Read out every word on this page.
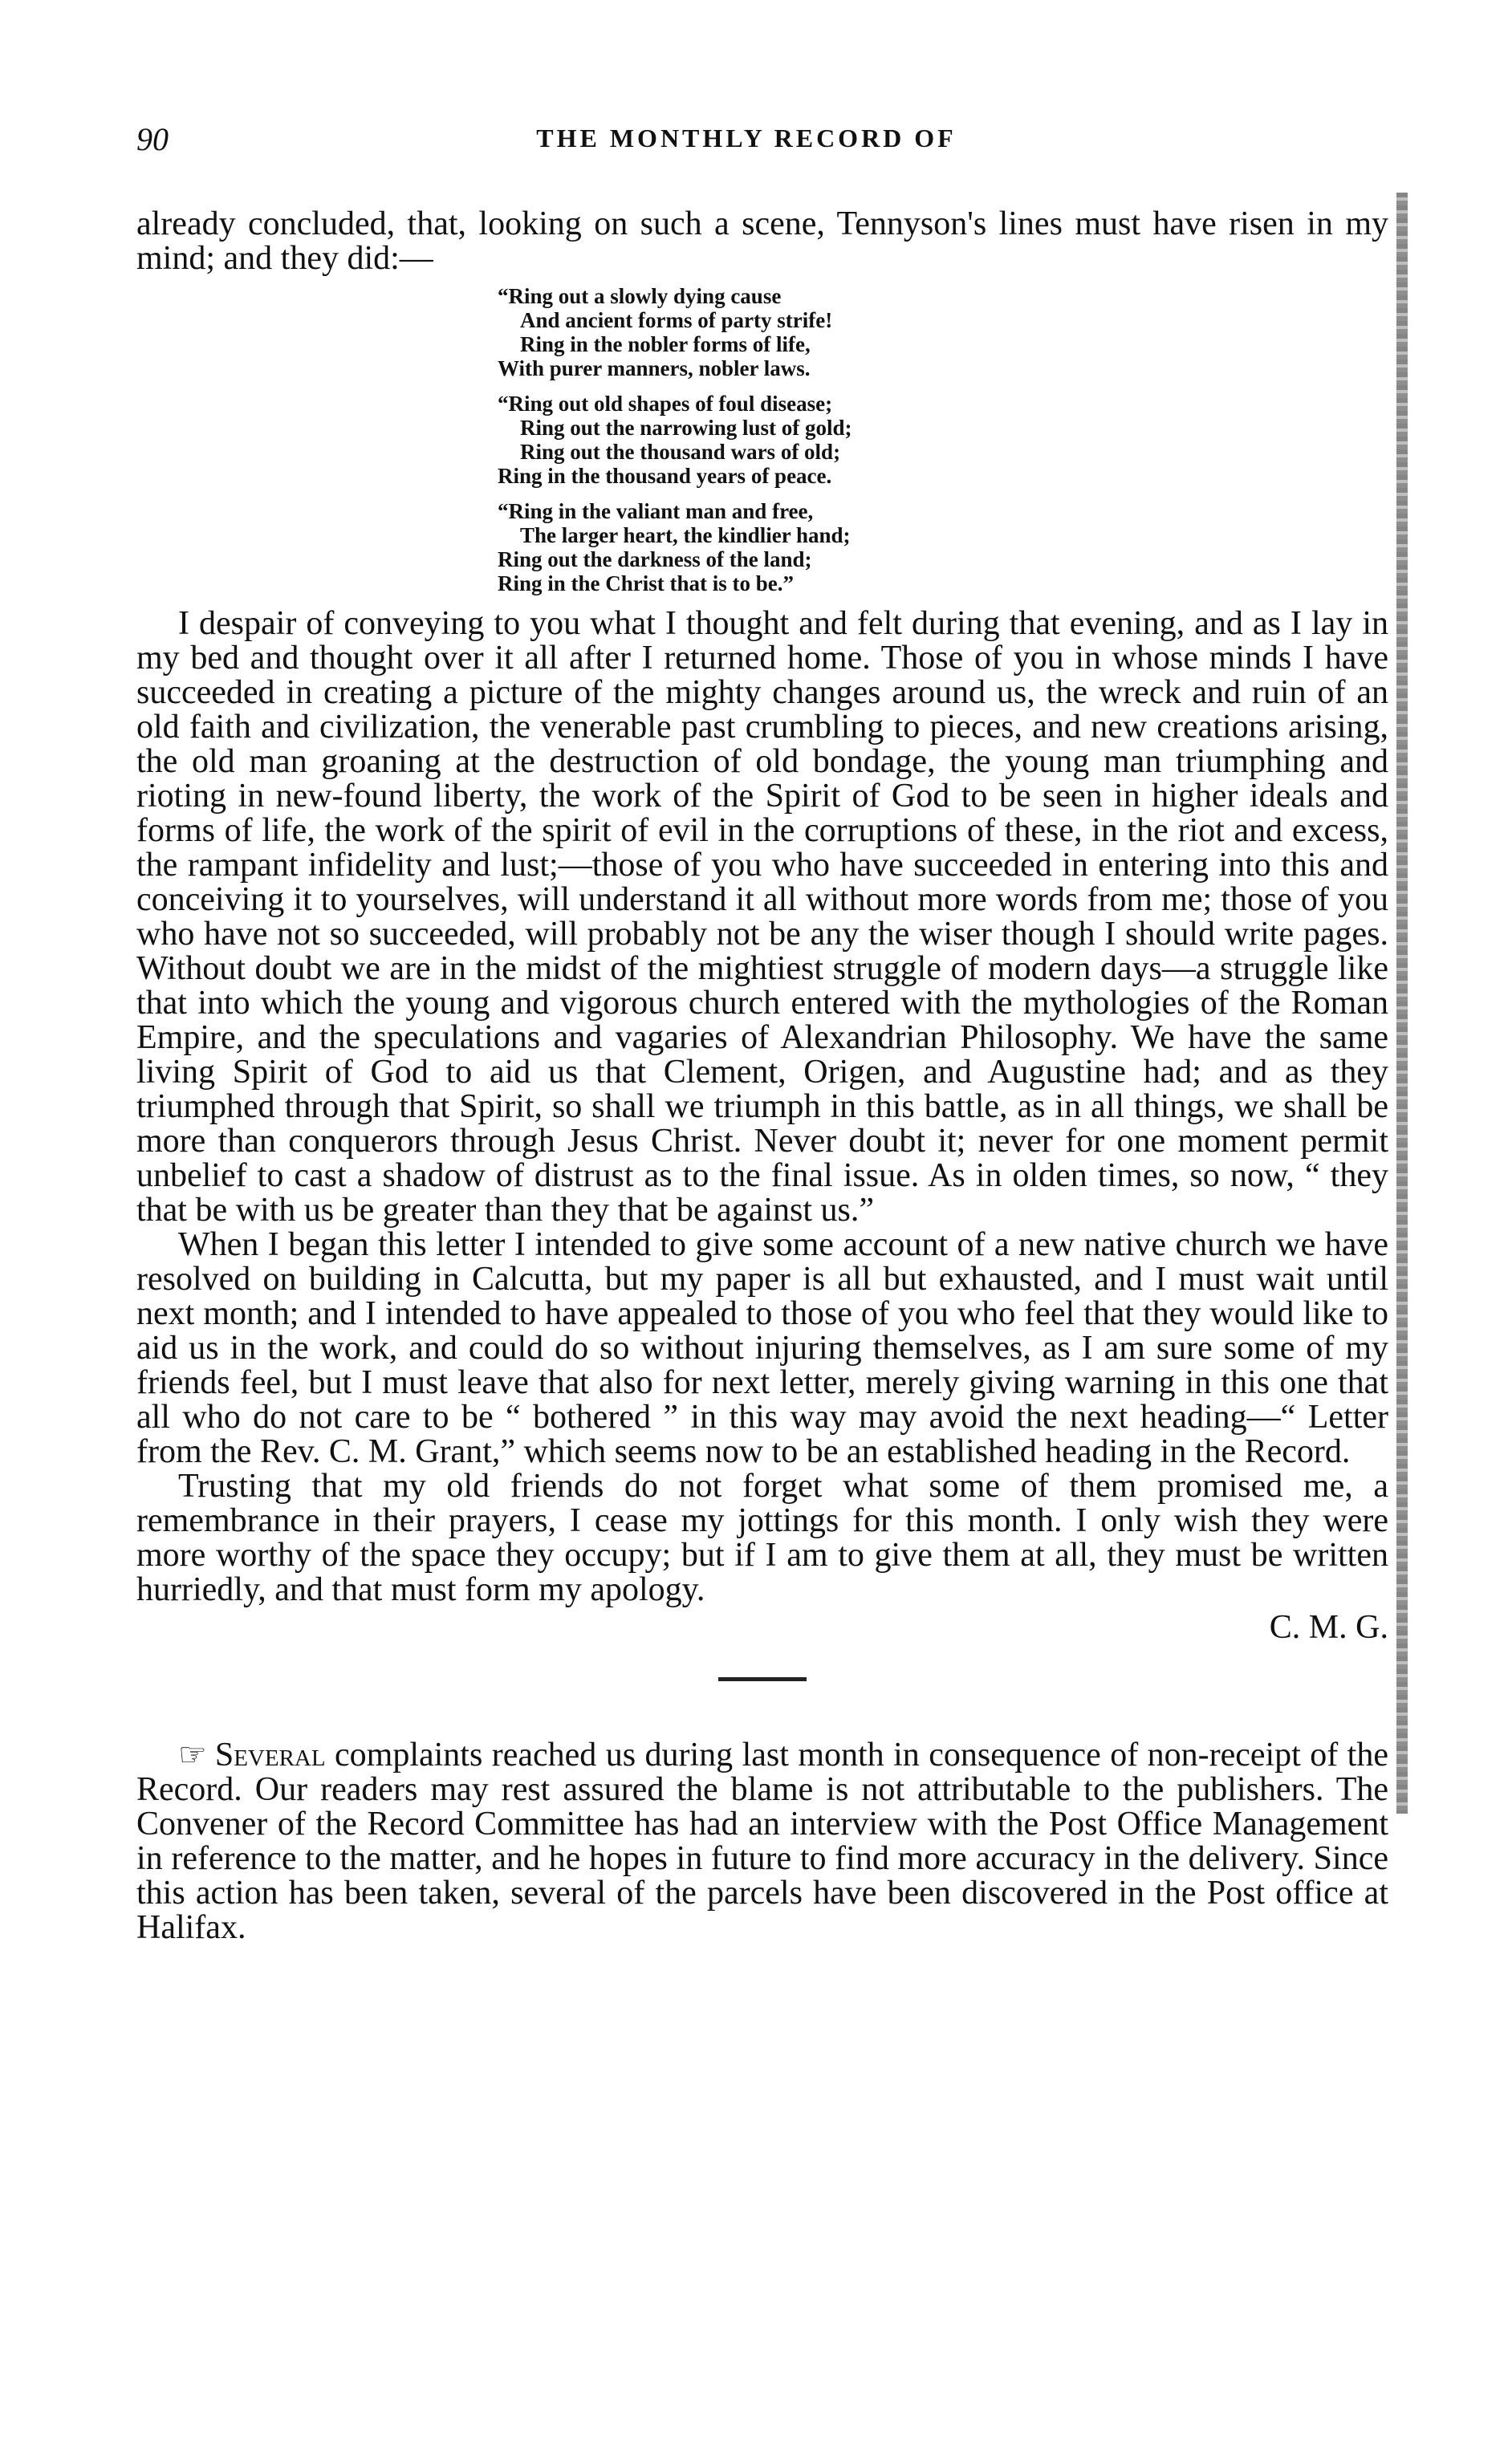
90	THE MONTHLY RECORD OF

already concluded, that, looking on such a scene, Tennyson's lines must have risen in my mind; and they did:—

“Ring out a slowly dying cause
And ancient forms of party strife!
Ring in the nobler forms of life,
With purer manners, nobler laws.
“Ring out old shapes of foul disease;
Ring out the narrowing lust of gold;
Ring out the thousand wars of old;
Ring in the thousand years of peace.
“Ring in the valiant man and free,
The larger heart, the kindlier hand;
Ring out the darkness of the land;
Ring in the Christ that is to be.”

I despair of conveying to you what I thought and felt during that evening, and as I lay in my bed and thought over it all after I returned home. Those of you in whose minds I have succeeded in creating a picture of the mighty changes around us, the wreck and ruin of an old faith and civilization, the venerable past crumbling to pieces, and new creations arising, the old man groaning at the destruction of old bondage, the young man triumphing and rioting in new-found liberty, the work of the Spirit of God to be seen in higher ideals and forms of life, the work of the spirit of evil in the corruptions of these, in the riot and excess, the rampant infidelity and lust;—those of you who have succeeded in entering into this and conceiving it to yourselves, will understand it all without more words from me; those of you who have not so succeeded, will probably not be any the wiser though I should write pages. Without doubt we are in the midst of the mightiest struggle of modern days—a struggle like that into which the young and vigorous church entered with the mythologies of the Roman Empire, and the speculations and vagaries of Alexandrian Philosophy. We have the same living Spirit of God to aid us that Clement, Origen, and Augustine had; and as they triumphed through that Spirit, so shall we triumph in this battle, as in all things, we shall be more than conquerors through Jesus Christ. Never doubt it; never for one moment permit unbelief to cast a shadow of distrust as to the final issue. As in olden times, so now, “ they that be with us be greater than they that be against us.”

When I began this letter I intended to give some account of a new native church we have resolved on building in Calcutta, but my paper is all but exhausted, and I must wait until next month; and I intended to have appealed to those of you who feel that they would like to aid us in the work, and could do so without injuring themselves, as I am sure some of my friends feel, but I must leave that also for next letter, merely giving warning in this one that all who do not care to be “ bothered ” in this way may avoid the next heading—“ Letter from the Rev. C. M. Grant,” which seems now to be an established heading in the Record.

Trusting that my old friends do not forget what some of them promised me, a remembrance in their prayers, I cease my jottings for this month. I only wish they were more worthy of the space they occupy; but if I am to give them at all, they must be written hurriedly, and that must form my apology.

C. M. G.

☞ Several complaints reached us during last month in consequence of non-receipt of the Record. Our readers may rest assured the blame is not attributable to the publishers. The Convener of the Record Committee has had an interview with the Post Office Management in reference to the matter, and he hopes in future to find more accuracy in the delivery. Since this action has been taken, several of the parcels have been discovered in the Post office at Halifax.
